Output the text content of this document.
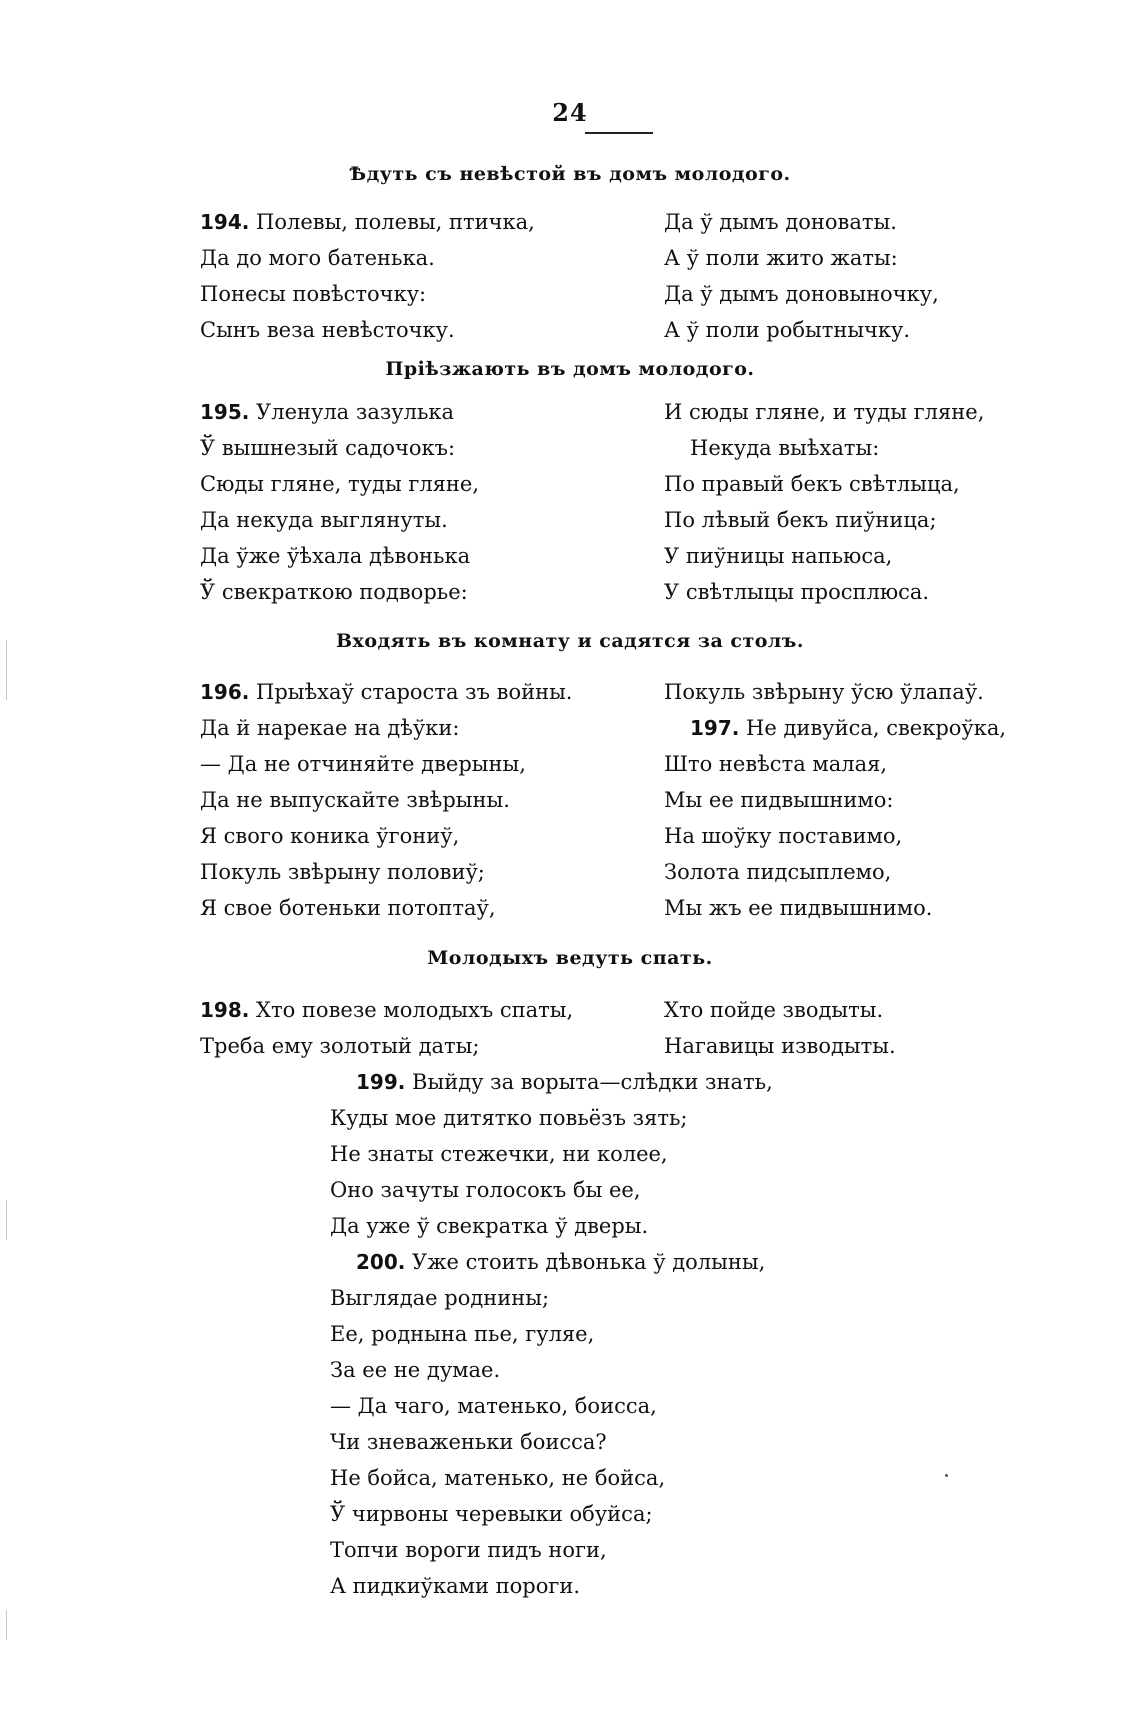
24
Ѣдуть съ невѣстой въ домъ молодого.
194. Полевы, полевы, птичка,
Да до мого батенька.
Понесы повѣсточку:
Сынъ веза невѣсточку.
Да ў дымъ доноваты.
А ў поли жито жаты:
Да ў дымъ доновыночку,
А ў поли робытнычку.
Пріѣзжають въ домъ молодого.
195. Уленула зазулька
Ў вышнезый садочокъ:
Сюды гляне, туды гляне,
Да некуда выглянуты.
Да ўже ўѣхала дѣвонька
Ў свекраткою подворье:
И сюды гляне, и туды гляне,
Некуда выѣхаты:
По правый бекъ свѣтлыца,
По лѣвый бекъ пиўница;
У пиўницы напьюса,
У свѣтлыцы просплюса.
Входять въ комнату и садятся за столъ.
196. Прыѣхаў староста зъ войны.
Да й нарекае на дѣўки:
— Да не отчиняйте дверыны,
Да не выпускайте звѣрыны.
Я свого коника ўгониў,
Покуль звѣрыну половиў;
Я свое ботеньки потоптаў,
Покуль звѣрыну ўсю ўлапаў.
197. Не дивуйса, свекроўка,
Што невѣста малая,
Мы ее пидвышнимо:
На шоўку поставимо,
Золота пидсыплемо,
Мы жъ ее пидвышнимо.
Молодыхъ ведуть спать.
198. Хто повезе молодыхъ спаты,
Треба ему золотый даты;
Хто пойде зводыты.
Нагавицы изводыты.
199. Выйду за ворыта—слѣдки знать,
Куды мое дитятко повьёзъ зять;
Не знаты стежечки, ни колее,
Оно зачуты голосокъ бы ее,
Да уже ў свекратка ў дверы.
200. Уже стоить дѣвонька ў долыны,
Выглядае роднины;
Ее, роднына пье, гуляе,
За ее не думае.
— Да чаго, матенько, боисса,
Чи зневаженьки боисса?
Не бойса, матенько, не бойса,
Ў чирвоны черевыки обуйса;
Топчи вороги пидъ ноги,
А пидкиўками пороги.
